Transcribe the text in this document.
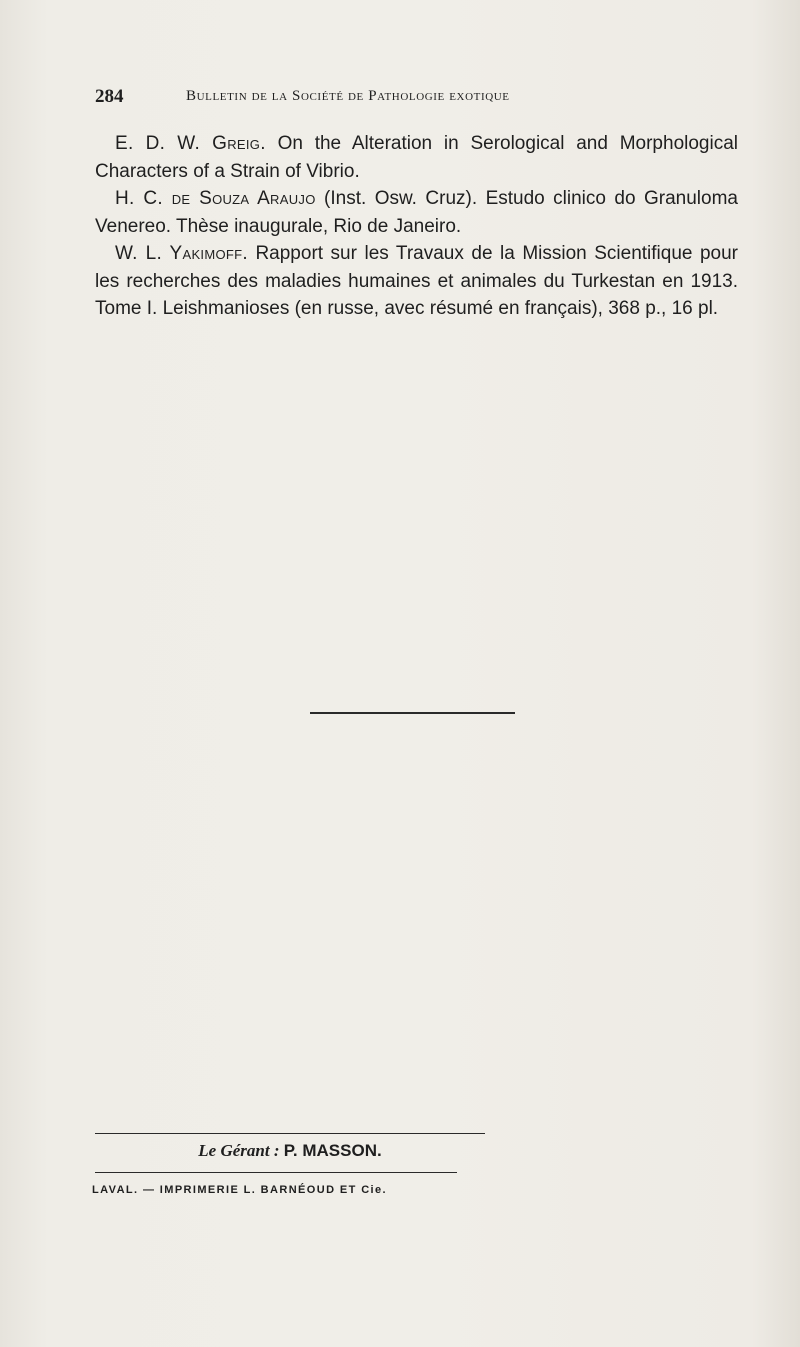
284	Bulletin de la Société de Pathologie exotique

E. D. W. Greig. On the Alteration in Serological and Morphological Characters of a Strain of Vibrio.

H. C. de Souza Araujo (Inst. Osw. Cruz). Estudo clinico do Granuloma Venereo. Thèse inaugurale, Rio de Janeiro.

W. L. Yakimoff. Rapport sur les Travaux de la Mission Scientifique pour les recherches des maladies humaines et animales du Turkestan en 1913. Tome I. Leishmanioses (en russe, avec résumé en français), 368 p., 16 pl.

Le Gérant : P. MASSON.
LAVAL. — IMPRIMERIE L. BARNÉOUD ET Cie.
